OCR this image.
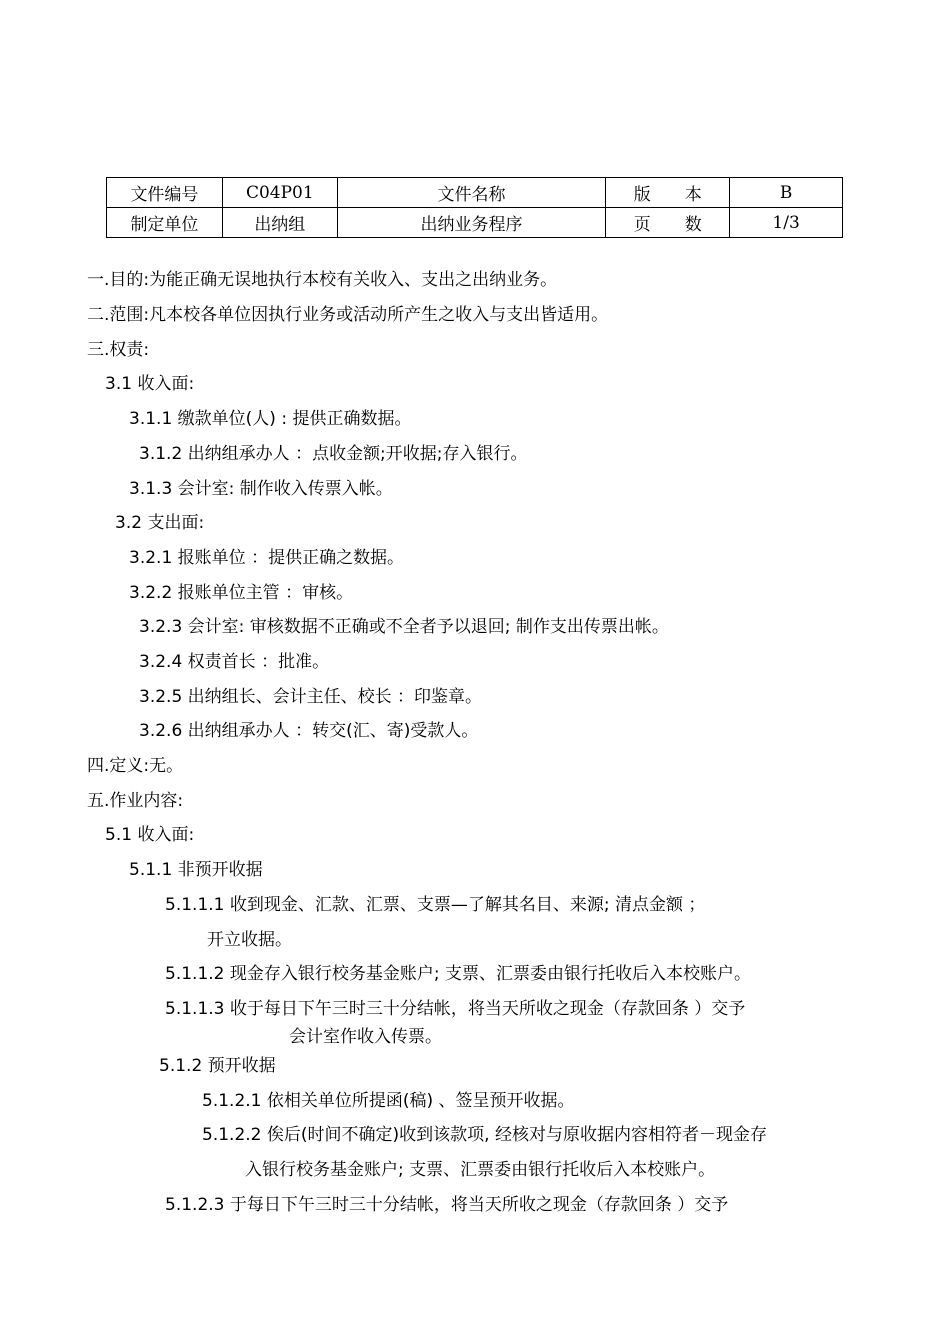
文件编号	C04P01	文件名称	版　　本	B
制定单位	出纳组	出纳业务程序	页　　数	1/3
一.目的:为能正确无误地执行本校有关收入、支出之出纳业务。
二.范围:凡本校各单位因执行业务或活动所产生之收入与支出皆适用。
三.权责:
3.1 收入面:
3.1.1 缴款单位(人) : 提供正确数据。
3.1.2 出纳组承办人 ：点收金额;开收据;存入银行。
3.1.3 会计室: 制作收入传票入帐。
3.2 支出面:
3.2.1 报账单位 ：提供正确之数据。
3.2.2 报账单位主管 ：审核。
3.2.3 会计室: 审核数据不正确或不全者予以退回; 制作支出传票出帐。
3.2.4 权责首长 ：批准。
3.2.5 出纳组长、会计主任、校长 ：印鉴章。
3.2.6 出纳组承办人 ：转交(汇、寄)受款人。
四.定义:无。
五.作业内容:
5.1 收入面:
5.1.1 非预开收据
5.1.1.1 收到现金、汇款、汇票、支票—了解其名目、来源; 清点金额 ；
开立收据。
5.1.1.2 现金存入银行校务基金账户; 支票、汇票委由银行托收后入本校账户。
5.1.1.3 收于每日下午三时三十分结帐，将当天所收之现金（存款回条 ）交予
会计室作收入传票。
5.1.2 预开收据
5.1.2.1 依相关单位所提函(稿) 、签呈预开收据。
5.1.2.2 俟后(时间不确定)收到该款项, 经核对与原收据内容相符者－现金存
入银行校务基金账户; 支票、汇票委由银行托收后入本校账户。
5.1.2.3 于每日下午三时三十分结帐，将当天所收之现金（存款回条 ）交予
